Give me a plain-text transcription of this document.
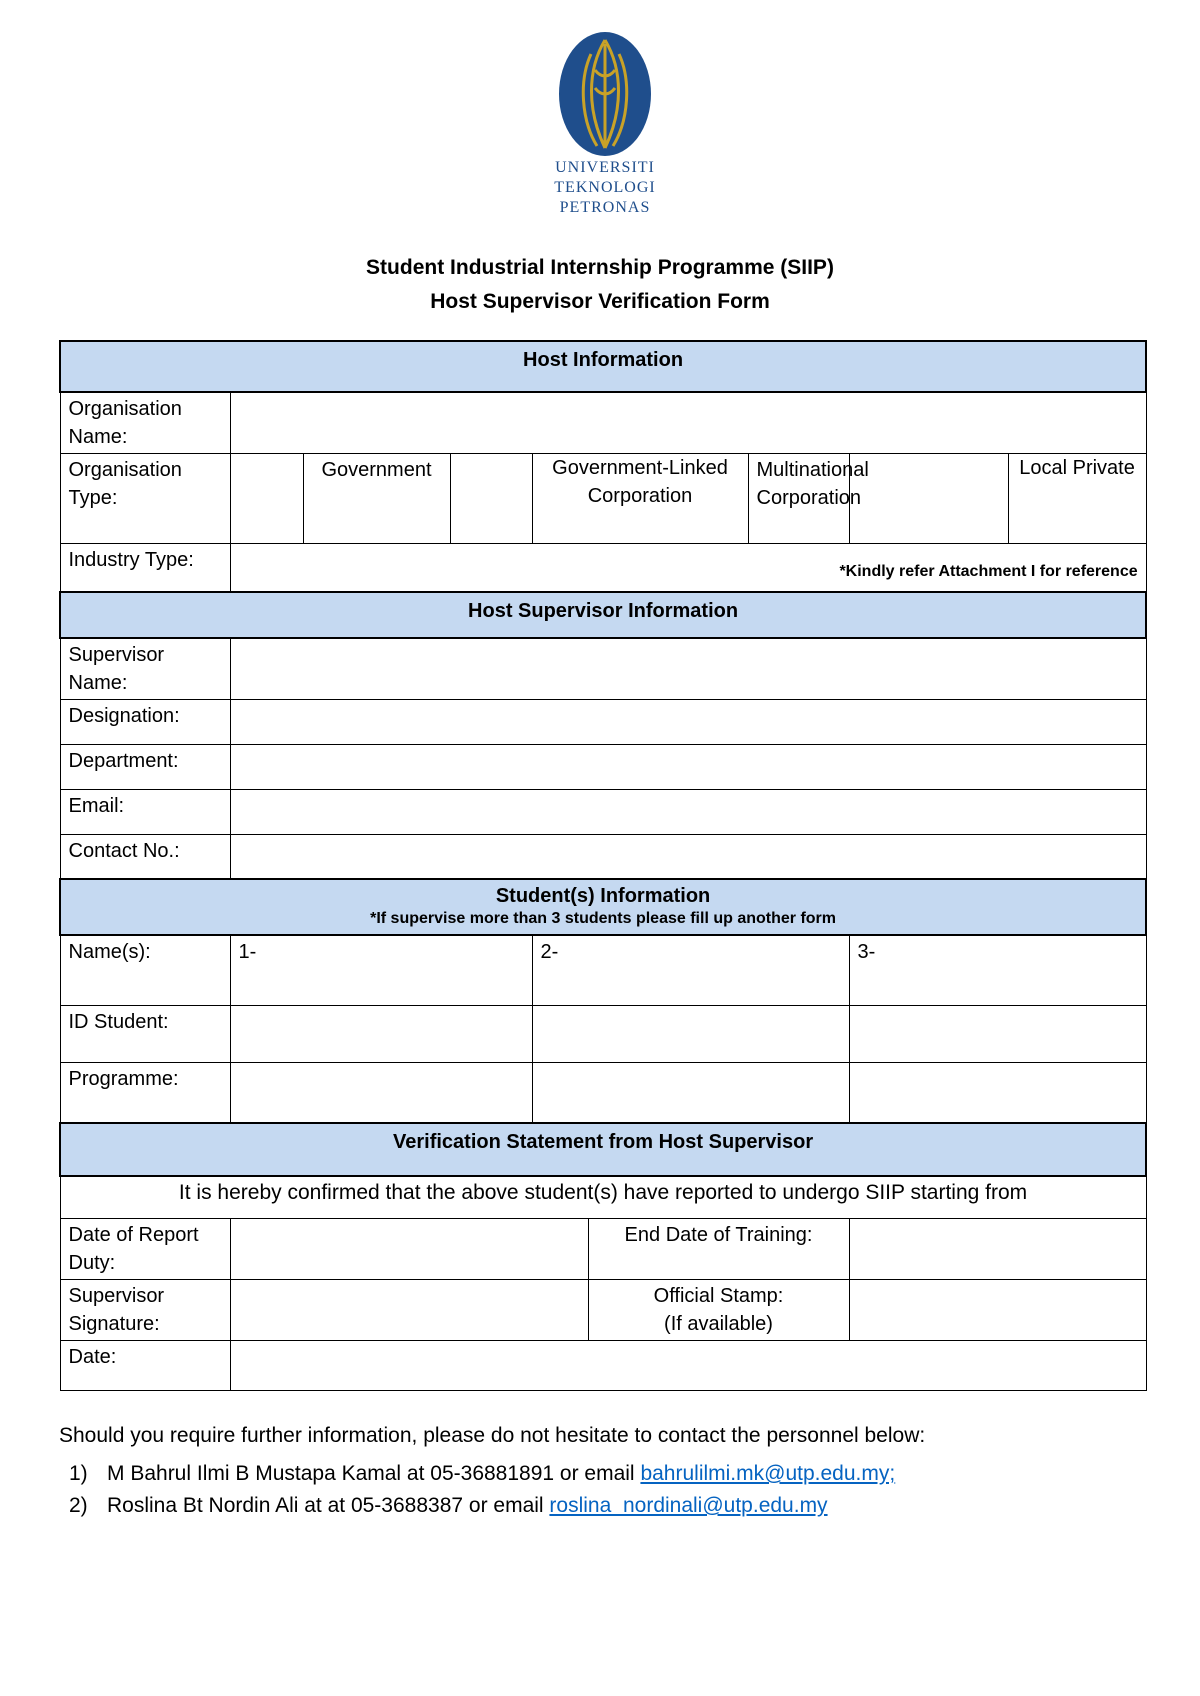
UNIVERSITI
TEKNOLOGI
PETRONAS
Student Industrial Internship Programme (SIIP)
Host Supervisor Verification Form
Host Information								
Organisation Name:								
Organisation Type:		Government		Government-Linked Corporation		Multinational Corporation		Local Private
Industry Type:	*Kindly refer Attachment I for reference							

Host Supervisor Information								
Supervisor Name:								
Designation:								
Department:								
Email:								
Contact No.:								
Student(s) Information
*If supervise more than 3 students please fill up another form								

Name(s):	1-			2-			3-	
ID Student:								
Programme:								
Verification Statement from Host Supervisor								
It is hereby confirmed that the above student(s) have reported to undergo SIIP starting from								
Date of Report Duty:					End Date of Training:			
Supervisor Signature:					Official Stamp:
(If available)			
Date:								

Should you require further information, please do not hesitate to contact the personnel below:

1) M Bahrul Ilmi B Mustapa Kamal at 05-36881891 or email bahrulilmi.mk@utp.edu.my;
2) Roslina Bt Nordin Ali at at 05-3688387 or email roslina_nordinali@utp.edu.my
